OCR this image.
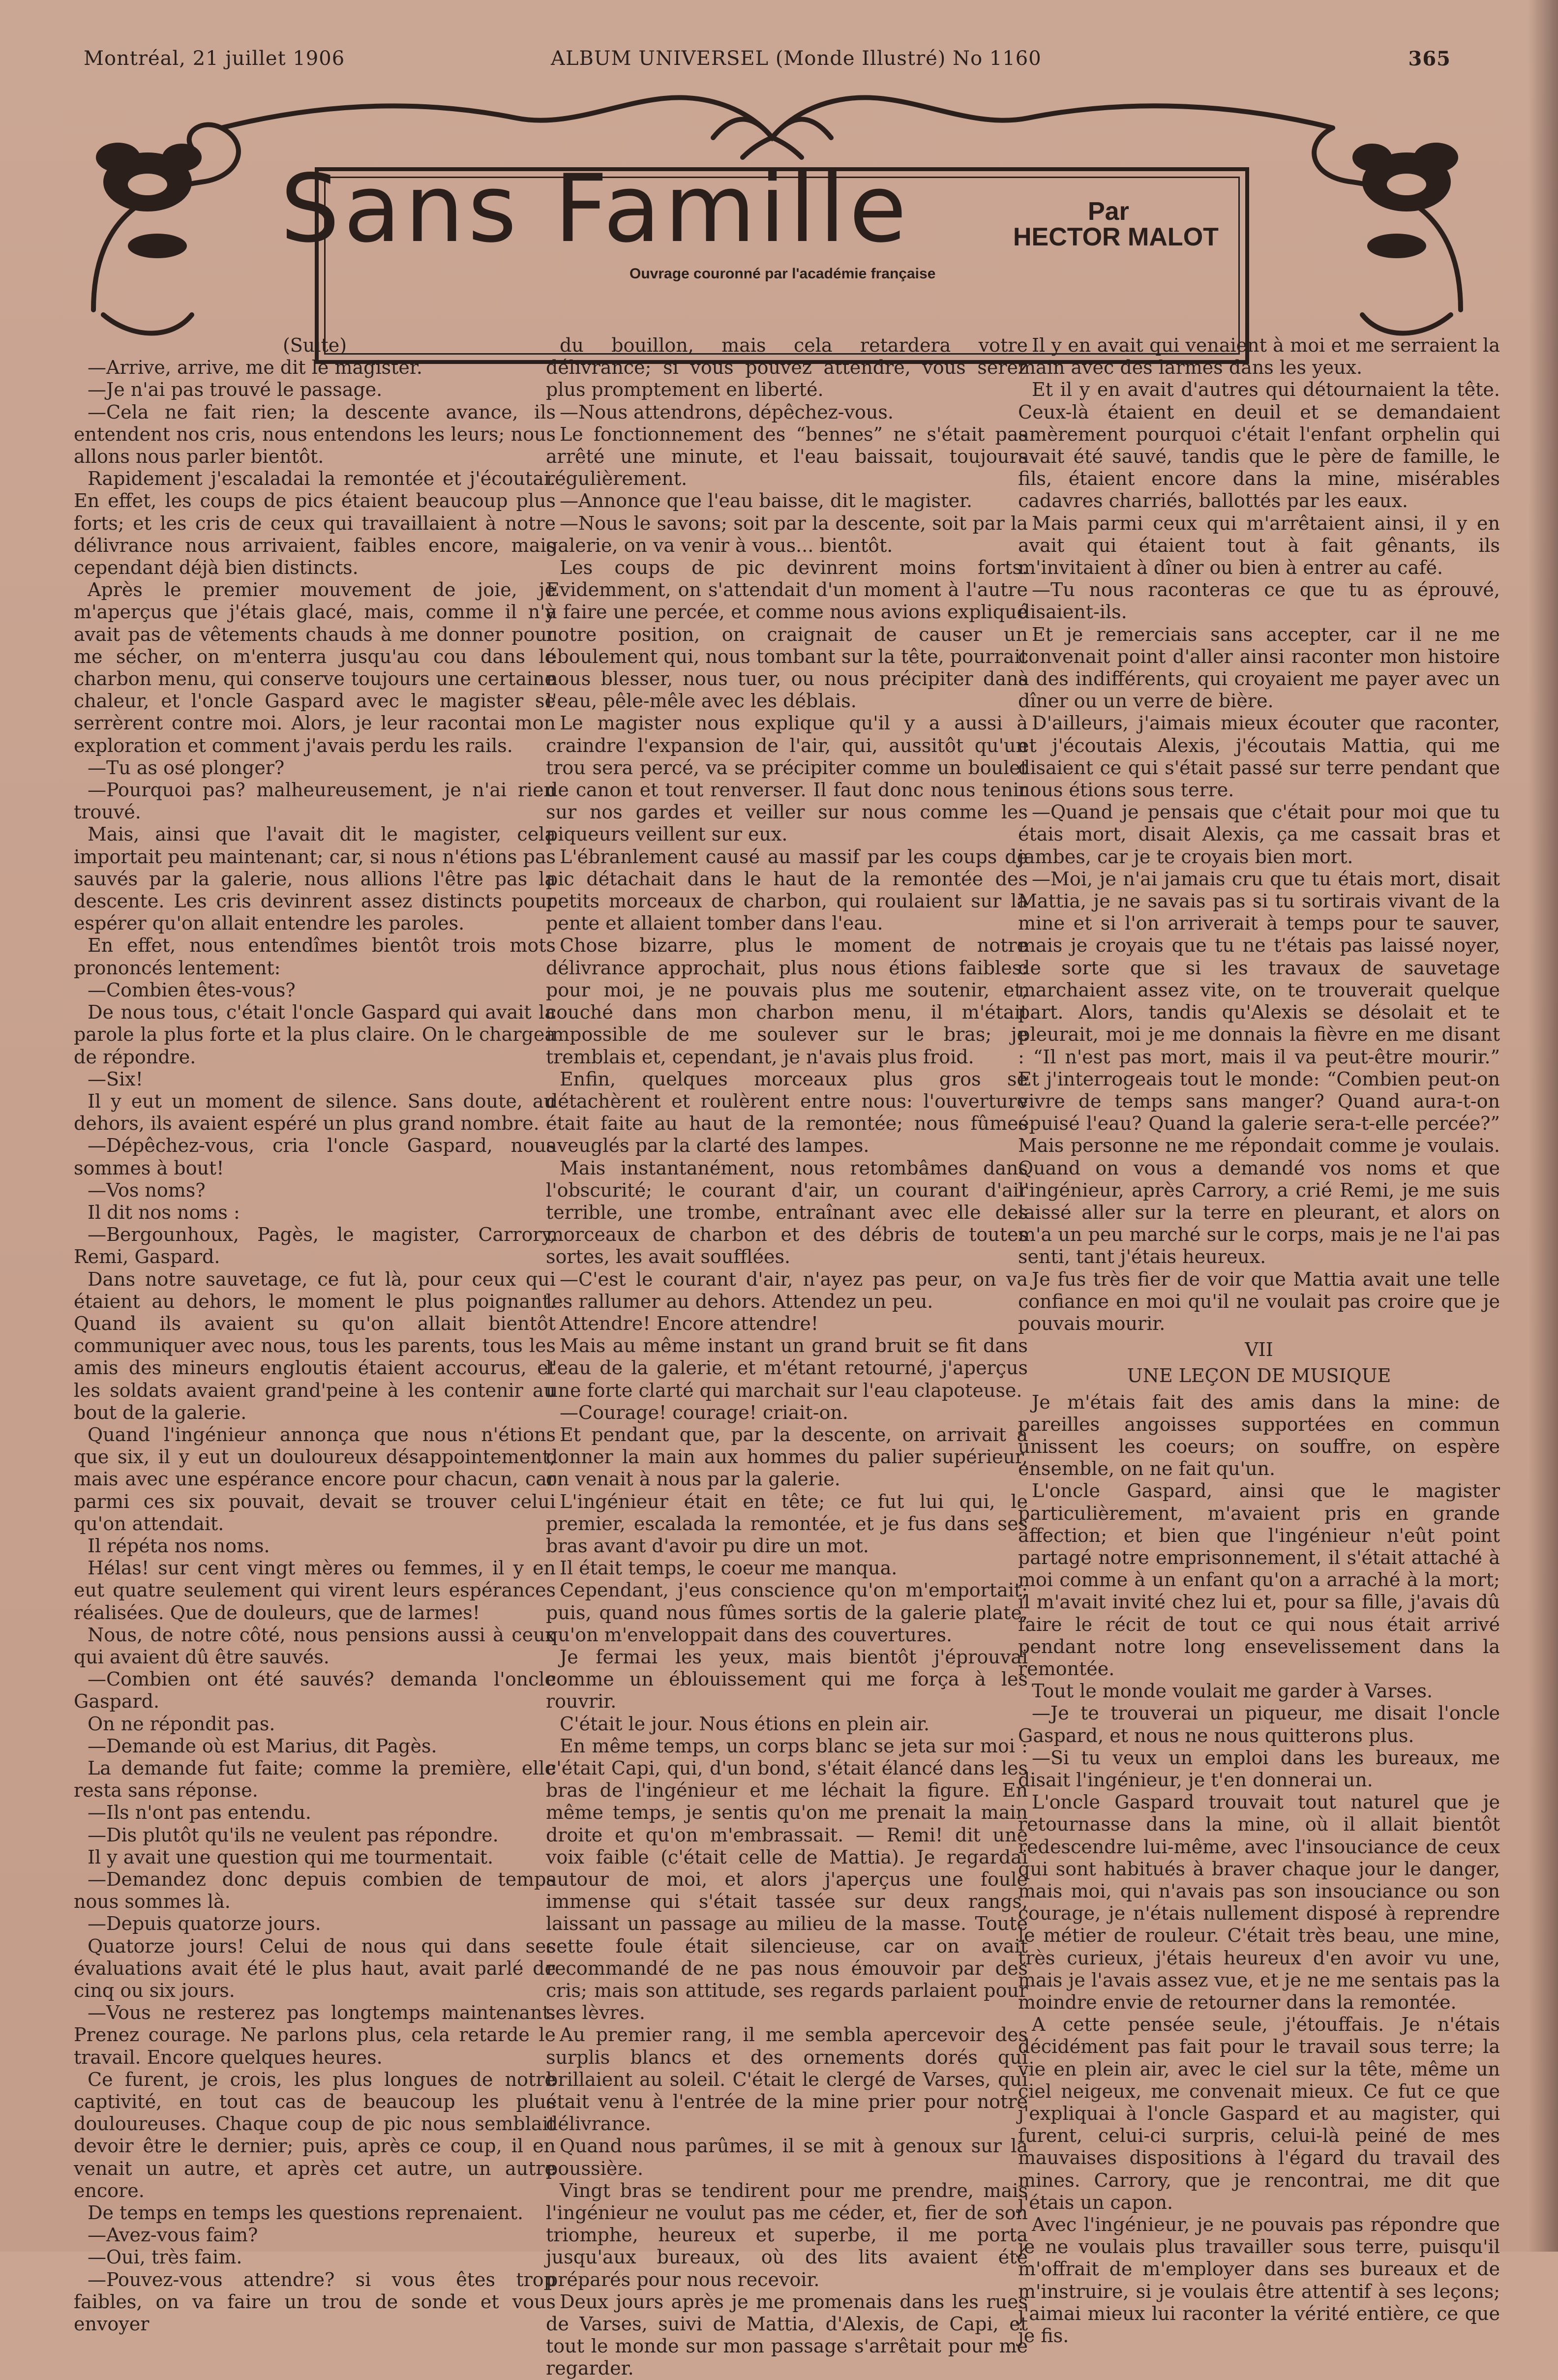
Montréal, 21 juillet 1906	ALBUM UNIVERSEL (Monde Illustré) No 1160	365
Sans Famille	Par
HECTOR MALOT
Ouvrage couronné par l'académie française

(Suite)

—Arrive, arrive, me dit le magister.

—Je n'ai pas trouvé le passage.

—Cela ne fait rien; la descente avance, ils entendent nos cris, nous entendons les leurs; nous allons nous parler bientôt.

Rapidement j'escaladai la remontée et j'écoutai. En effet, les coups de pics étaient beaucoup plus forts; et les cris de ceux qui travaillaient à notre délivrance nous arrivaient, faibles encore, mais cependant déjà bien distincts.

Après le premier mouvement de joie, je m'aperçus que j'étais glacé, mais, comme il n'y avait pas de vêtements chauds à me donner pour me sécher, on m'enterra jusqu'au cou dans le charbon menu, qui conserve toujours une certaine chaleur, et l'oncle Gaspard avec le magister se serrèrent contre moi. Alors, je leur racontai mon exploration et comment j'avais perdu les rails.

—Tu as osé plonger?

—Pourquoi pas? malheureusement, je n'ai rien trouvé.

Mais, ainsi que l'avait dit le magister, cela importait peu maintenant; car, si nous n'étions pas sauvés par la galerie, nous allions l'être pas la descente. Les cris devinrent assez distincts pour espérer qu'on allait entendre les paroles.

En effet, nous entendîmes bientôt trois mots prononcés lentement:

—Combien êtes-vous?

De nous tous, c'était l'oncle Gaspard qui avait la parole la plus forte et la plus claire. On le chargea de répondre.

—Six!

Il y eut un moment de silence. Sans doute, au dehors, ils avaient espéré un plus grand nombre.

—Dépêchez-vous, cria l'oncle Gaspard, nous sommes à bout!

—Vos noms?

Il dit nos noms :

—Bergounhoux, Pagès, le magister, Carrory, Remi, Gaspard.

Dans notre sauvetage, ce fut là, pour ceux qui étaient au dehors, le moment le plus poignant. Quand ils avaient su qu'on allait bientôt communiquer avec nous, tous les parents, tous les amis des mineurs engloutis étaient accourus, et les soldats avaient grand'peine à les contenir au bout de la galerie.

Quand l'ingénieur annonça que nous n'étions que six, il y eut un douloureux désappointement, mais avec une espérance encore pour chacun, car parmi ces six pouvait, devait se trouver celui qu'on attendait.

Il répéta nos noms.

Hélas! sur cent vingt mères ou femmes, il y en eut quatre seulement qui virent leurs espérances réalisées. Que de douleurs, que de larmes!

Nous, de notre côté, nous pensions aussi à ceux qui avaient dû être sauvés.

—Combien ont été sauvés? demanda l'oncle Gaspard.

On ne répondit pas.

—Demande où est Marius, dit Pagès.

La demande fut faite; comme la première, elle resta sans réponse.

—Ils n'ont pas entendu.

—Dis plutôt qu'ils ne veulent pas répondre.

Il y avait une question qui me tourmentait.

—Demandez donc depuis combien de temps nous sommes là.

—Depuis quatorze jours.

Quatorze jours! Celui de nous qui dans ses évaluations avait été le plus haut, avait parlé de cinq ou six jours.

—Vous ne resterez pas longtemps maintenant. Prenez courage. Ne parlons plus, cela retarde le travail. Encore quelques heures.

Ce furent, je crois, les plus longues de notre captivité, en tout cas de beaucoup les plus douloureuses. Chaque coup de pic nous semblait devoir être le dernier; puis, après ce coup, il en venait un autre, et après cet autre, un autre encore.

De temps en temps les questions reprenaient.

—Avez-vous faim?

—Oui, très faim.

—Pouvez-vous attendre? si vous êtes trop faibles, on va faire un trou de sonde et vous envoyer

du bouillon, mais cela retardera votre délivrance; si vous pouvez attendre, vous serez plus promptement en liberté.

—Nous attendrons, dépêchez-vous.

Le fonctionnement des “bennes” ne s'était pas arrêté une minute, et l'eau baissait, toujours régulièrement.

—Annonce que l'eau baisse, dit le magister.

—Nous le savons; soit par la descente, soit par la galerie, on va venir à vous... bientôt.

Les coups de pic devinrent moins forts. Evidemment, on s'attendait d'un moment à l'autre à faire une percée, et comme nous avions expliqué notre position, on craignait de causer un éboulement qui, nous tombant sur la tête, pourrait nous blesser, nous tuer, ou nous précipiter dans l'eau, pêle-mêle avec les déblais.

Le magister nous explique qu'il y a aussi à craindre l'expansion de l'air, qui, aussitôt qu'un trou sera percé, va se précipiter comme un boulet de canon et tout renverser. Il faut donc nous tenir sur nos gardes et veiller sur nous comme les piqueurs veillent sur eux.

L'ébranlement causé au massif par les coups de pic détachait dans le haut de la remontée des petits morceaux de charbon, qui roulaient sur la pente et allaient tomber dans l'eau.

Chose bizarre, plus le moment de notre délivrance approchait, plus nous étions faibles: pour moi, je ne pouvais plus me soutenir, et, couché dans mon charbon menu, il m'était impossible de me soulever sur le bras; je tremblais et, cependant, je n'avais plus froid.

Enfin, quelques morceaux plus gros se détachèrent et roulèrent entre nous: l'ouverture était faite au haut de la remontée; nous fûmes aveuglés par la clarté des lampes.

Mais instantanément, nous retombâmes dans l'obscurité; le courant d'air, un courant d'air terrible, une trombe, entraînant avec elle des morceaux de charbon et des débris de toutes sortes, les avait soufflées.

—C'est le courant d'air, n'ayez pas peur, on va les rallumer au dehors. Attendez un peu.

Attendre! Encore attendre!

Mais au même instant un grand bruit se fit dans l'eau de la galerie, et m'étant retourné, j'aperçus une forte clarté qui marchait sur l'eau clapoteuse.

—Courage! courage! criait-on.

Et pendant que, par la descente, on arrivait à donner la main aux hommes du palier supérieur, on venait à nous par la galerie.

L'ingénieur était en tête; ce fut lui qui, le premier, escalada la remontée, et je fus dans ses bras avant d'avoir pu dire un mot.

Il était temps, le coeur me manqua.

Cependant, j'eus conscience qu'on m'emportait; puis, quand nous fûmes sortis de la galerie plate, qu'on m'enveloppait dans des couvertures.

Je fermai les yeux, mais bientôt j'éprouvai comme un éblouissement qui me força à les rouvrir.

C'était le jour. Nous étions en plein air.

En même temps, un corps blanc se jeta sur moi : c'était Capi, qui, d'un bond, s'était élancé dans les bras de l'ingénieur et me léchait la figure. En même temps, je sentis qu'on me prenait la main droite et qu'on m'embrassait. — Remi! dit une voix faible (c'était celle de Mattia). Je regardai autour de moi, et alors j'aperçus une foule immense qui s'était tassée sur deux rangs, laissant un passage au milieu de la masse. Toute cette foule était silencieuse, car on avait recommandé de ne pas nous émouvoir par des cris; mais son attitude, ses regards parlaient pour ses lèvres.

Au premier rang, il me sembla apercevoir des surplis blancs et des ornements dorés qui brillaient au soleil. C'était le clergé de Varses, qui était venu à l'entrée de la mine prier pour notre délivrance.

Quand nous parûmes, il se mit à genoux sur la poussière.

Vingt bras se tendirent pour me prendre, mais l'ingénieur ne voulut pas me céder, et, fier de son triomphe, heureux et superbe, il me porta jusqu'aux bureaux, où des lits avaient été préparés pour nous recevoir.

Deux jours après je me promenais dans les rues de Varses, suivi de Mattia, d'Alexis, de Capi, et tout le monde sur mon passage s'arrêtait pour me regarder.

Il y en avait qui venaient à moi et me serraient la main avec des larmes dans les yeux.

Et il y en avait d'autres qui détournaient la tête. Ceux-là étaient en deuil et se demandaient amèrement pourquoi c'était l'enfant orphelin qui avait été sauvé, tandis que le père de famille, le fils, étaient encore dans la mine, misérables cadavres charriés, ballottés par les eaux.

Mais parmi ceux qui m'arrêtaient ainsi, il y en avait qui étaient tout à fait gênants, ils m'invitaient à dîner ou bien à entrer au café.

—Tu nous raconteras ce que tu as éprouvé, disaient-ils.

Et je remerciais sans accepter, car il ne me convenait point d'aller ainsi raconter mon histoire à des indifférents, qui croyaient me payer avec un dîner ou un verre de bière.

D'ailleurs, j'aimais mieux écouter que raconter, et j'écoutais Alexis, j'écoutais Mattia, qui me disaient ce qui s'était passé sur terre pendant que nous étions sous terre.

—Quand je pensais que c'était pour moi que tu étais mort, disait Alexis, ça me cassait bras et jambes, car je te croyais bien mort.

—Moi, je n'ai jamais cru que tu étais mort, disait Mattia, je ne savais pas si tu sortirais vivant de la mine et si l'on arriverait à temps pour te sauver, mais je croyais que tu ne t'étais pas laissé noyer, de sorte que si les travaux de sauvetage marchaient assez vite, on te trouverait quelque part. Alors, tandis qu'Alexis se désolait et te pleurait, moi je me donnais la fièvre en me disant : “Il n'est pas mort, mais il va peut-être mourir.” Et j'interrogeais tout le monde: “Combien peut-on vivre de temps sans manger? Quand aura-t-on épuisé l'eau? Quand la galerie sera-t-elle percée?” Mais personne ne me répondait comme je voulais. Quand on vous a demandé vos noms et que l'ingénieur, après Carrory, a crié Remi, je me suis laissé aller sur la terre en pleurant, et alors on m'a un peu marché sur le corps, mais je ne l'ai pas senti, tant j'étais heureux.

Je fus très fier de voir que Mattia avait une telle confiance en moi qu'il ne voulait pas croire que je pouvais mourir.

VII

UNE LEÇON DE MUSIQUE

Je m'étais fait des amis dans la mine: de pareilles angoisses supportées en commun unissent les coeurs; on souffre, on espère ensemble, on ne fait qu'un.

L'oncle Gaspard, ainsi que le magister particulièrement, m'avaient pris en grande affection; et bien que l'ingénieur n'eût point partagé notre emprisonnement, il s'était attaché à moi comme à un enfant qu'on a arraché à la mort; il m'avait invité chez lui et, pour sa fille, j'avais dû faire le récit de tout ce qui nous était arrivé pendant notre long ensevelissement dans la remontée.

Tout le monde voulait me garder à Varses.

—Je te trouverai un piqueur, me disait l'oncle Gaspard, et nous ne nous quitterons plus.

—Si tu veux un emploi dans les bureaux, me disait l'ingénieur, je t'en donnerai un.

L'oncle Gaspard trouvait tout naturel que je retournasse dans la mine, où il allait bientôt redescendre lui-même, avec l'insouciance de ceux qui sont habitués à braver chaque jour le danger, mais moi, qui n'avais pas son insouciance ou son courage, je n'étais nullement disposé à reprendre le métier de rouleur. C'était très beau, une mine, très curieux, j'étais heureux d'en avoir vu une, mais je l'avais assez vue, et je ne me sentais pas la moindre envie de retourner dans la remontée.

A cette pensée seule, j'étouffais. Je n'étais décidément pas fait pour le travail sous terre; la vie en plein air, avec le ciel sur la tête, même un ciel neigeux, me convenait mieux. Ce fut ce que j'expliquai à l'oncle Gaspard et au magister, qui furent, celui-ci surpris, celui-là peiné de mes mauvaises dispositions à l'égard du travail des mines. Carrory, que je rencontrai, me dit que j'étais un capon.

Avec l'ingénieur, je ne pouvais pas répondre que je ne voulais plus travailler sous terre, puisqu'il m'offrait de m'employer dans ses bureaux et de m'instruire, si je voulais être attentif à ses leçons; j'aimai mieux lui raconter la vérité entière, ce que je fis.
